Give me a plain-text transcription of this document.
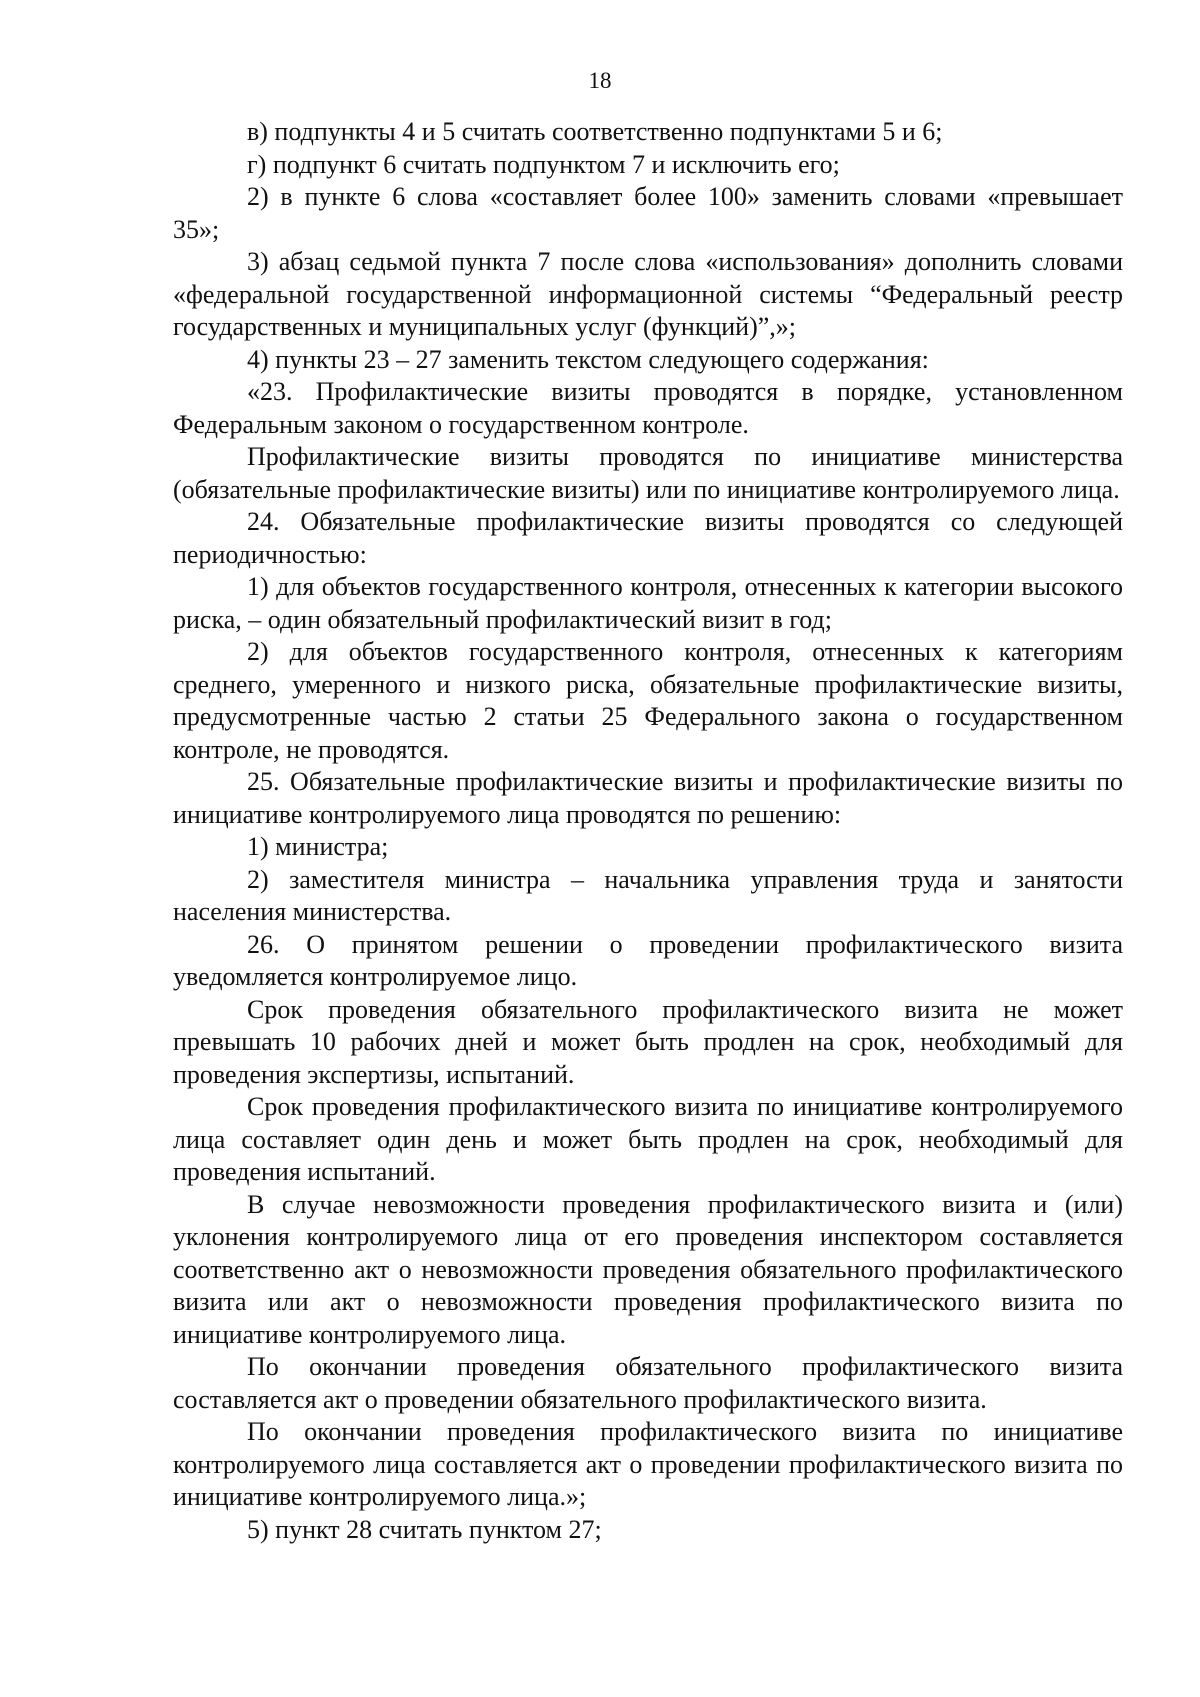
18

в) подпункты 4 и 5 считать соответственно подпунктами 5 и 6;

г) подпункт 6 считать подпунктом 7 и исключить его;

2) в пункте 6 слова «составляет более 100» заменить словами «превышает 35»;

3) абзац седьмой пункта 7 после слова «использования» дополнить словами «федеральной государственной информационной системы “Федеральный реестр государственных и муниципальных услуг (функций)”,»;

4) пункты 23 – 27 заменить текстом следующего содержания:

«23. Профилактические визиты проводятся в порядке, установленном Федеральным законом о государственном контроле.

Профилактические визиты проводятся по инициативе министерства (обязательные профилактические визиты) или по инициативе контролируемого лица.

24. Обязательные профилактические визиты проводятся со следующей периодичностью:

1) для объектов государственного контроля, отнесенных к категории высокого риска, – один обязательный профилактический визит в год;

2) для объектов государственного контроля, отнесенных к категориям среднего, умеренного и низкого риска, обязательные профилактические визиты, предусмотренные частью 2 статьи 25 Федерального закона о государственном контроле, не проводятся.

25. Обязательные профилактические визиты и профилактические визиты по инициативе контролируемого лица проводятся по решению:

1) министра;

2) заместителя министра – начальника управления труда и занятости населения министерства.

26. О принятом решении о проведении профилактического визита уведомляется контролируемое лицо.

Срок проведения обязательного профилактического визита не может превышать 10 рабочих дней и может быть продлен на срок, необходимый для проведения экспертизы, испытаний.

Срок проведения профилактического визита по инициативе контролируемого лица составляет один день и может быть продлен на срок, необходимый для проведения испытаний.

В случае невозможности проведения профилактического визита и (или) уклонения контролируемого лица от его проведения инспектором составляется соответственно акт о невозможности проведения обязательного профилактического визита или акт о невозможности проведения профилактического визита по инициативе контролируемого лица.

По окончании проведения обязательного профилактического визита составляется акт о проведении обязательного профилактического визита.

По окончании проведения профилактического визита по инициативе контролируемого лица составляется акт о проведении профилактического визита по инициативе контролируемого лица.»;

5) пункт 28 считать пунктом 27;
